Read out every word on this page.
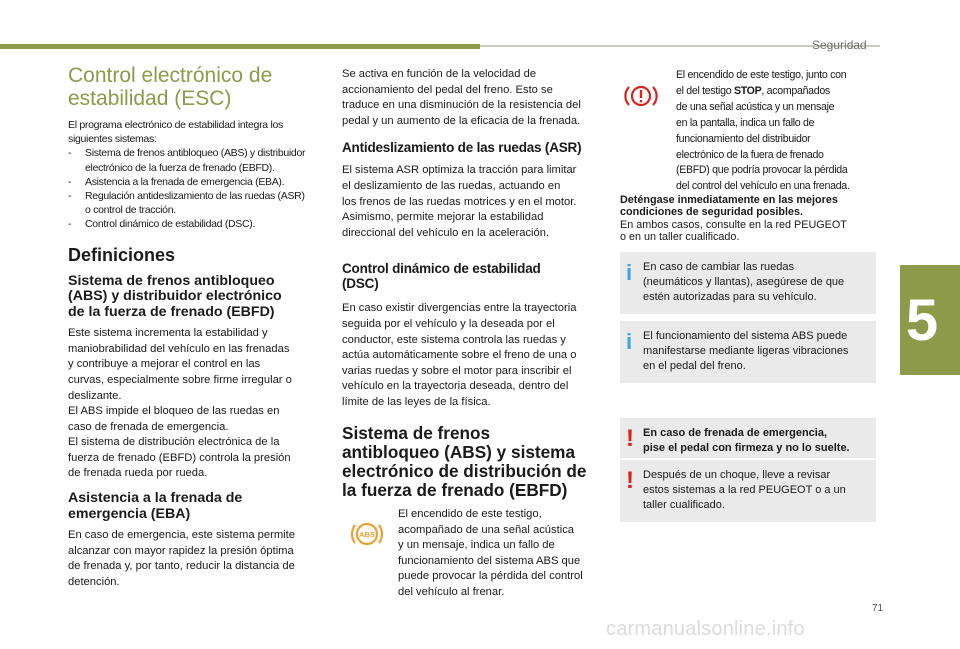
Seguridad
5
71
carmanualsonline.info
Control electrónico de
estabilidad (ESC)
El programa electrónico de estabilidad integra los
siguientes sistemas:
- Sistema de frenos antibloqueo (ABS) y distribuidor
electrónico de la fuerza de frenado (EBFD).
- Asistencia a la frenada de emergencia (EBA).
- Regulación antideslizamiento de las ruedas (ASR)
o control de tracción.
- Control dinámico de estabilidad (DSC).
Definiciones
Sistema de frenos antibloqueo
(ABS) y distribuidor electrónico
de la fuerza de frenado (EBFD)
Este sistema incrementa la estabilidad y
maniobrabilidad del vehículo en las frenadas
y contribuye a mejorar el control en las
curvas, especialmente sobre firme irregular o
deslizante.
El ABS impide el bloqueo de las ruedas en
caso de frenada de emergencia.
El sistema de distribución electrónica de la
fuerza de frenado (EBFD) controla la presión
de frenada rueda por rueda.
Asistencia a la frenada de
emergencia (EBA)
En caso de emergencia, este sistema permite
alcanzar con mayor rapidez la presión óptima
de frenada y, por tanto, reducir la distancia de
detención.
Se activa en función de la velocidad de
accionamiento del pedal del freno. Esto se
traduce en una disminución de la resistencia del
pedal y un aumento de la eficacia de la frenada.
Antideslizamiento de las ruedas (ASR)
El sistema ASR optimiza la tracción para limitar
el deslizamiento de las ruedas, actuando en
los frenos de las ruedas motrices y en el motor.
Asimismo, permite mejorar la estabilidad
direccional del vehículo en la aceleración.
Control dinámico de estabilidad
(DSC)
En caso existir divergencias entre la trayectoria
seguida por el vehículo y la deseada por el
conductor, este sistema controla las ruedas y
actúa automáticamente sobre el freno de una o
varias ruedas y sobre el motor para inscribir el
vehículo en la trayectoria deseada, dentro del
límite de las leyes de la física.
Sistema de frenos
antibloqueo (ABS) y sistema
electrónico de distribución de
la fuerza de frenado (EBFD)
ABS
El encendido de este testigo,
acompañado de una señal acústica
y un mensaje, indica un fallo de
funcionamiento del sistema ABS que
puede provocar la pérdida del control
del vehículo al frenar.
El encendido de este testigo, junto con
el del testigo STOP, acompañados
de una señal acústica y un mensaje
en la pantalla, indica un fallo de
funcionamiento del distribuidor
electrónico de la fuera de frenado
(EBFD) que podría provocar la pérdida
del control del vehículo en una frenada.
Deténgase inmediatamente en las mejores
condiciones de seguridad posibles.
En ambos casos, consulte en la red PEUGEOT
o en un taller cualificado.
i En caso de cambiar las ruedas
(neumáticos y llantas), asegúrese de que
estén autorizadas para su vehículo.
i El funcionamiento del sistema ABS puede
manifestarse mediante ligeras vibraciones
en el pedal del freno.
! En caso de frenada de emergencia,
pise el pedal con firmeza y no lo suelte.
! Después de un choque, lleve a revisar
estos sistemas a la red PEUGEOT o a un
taller cualificado.
